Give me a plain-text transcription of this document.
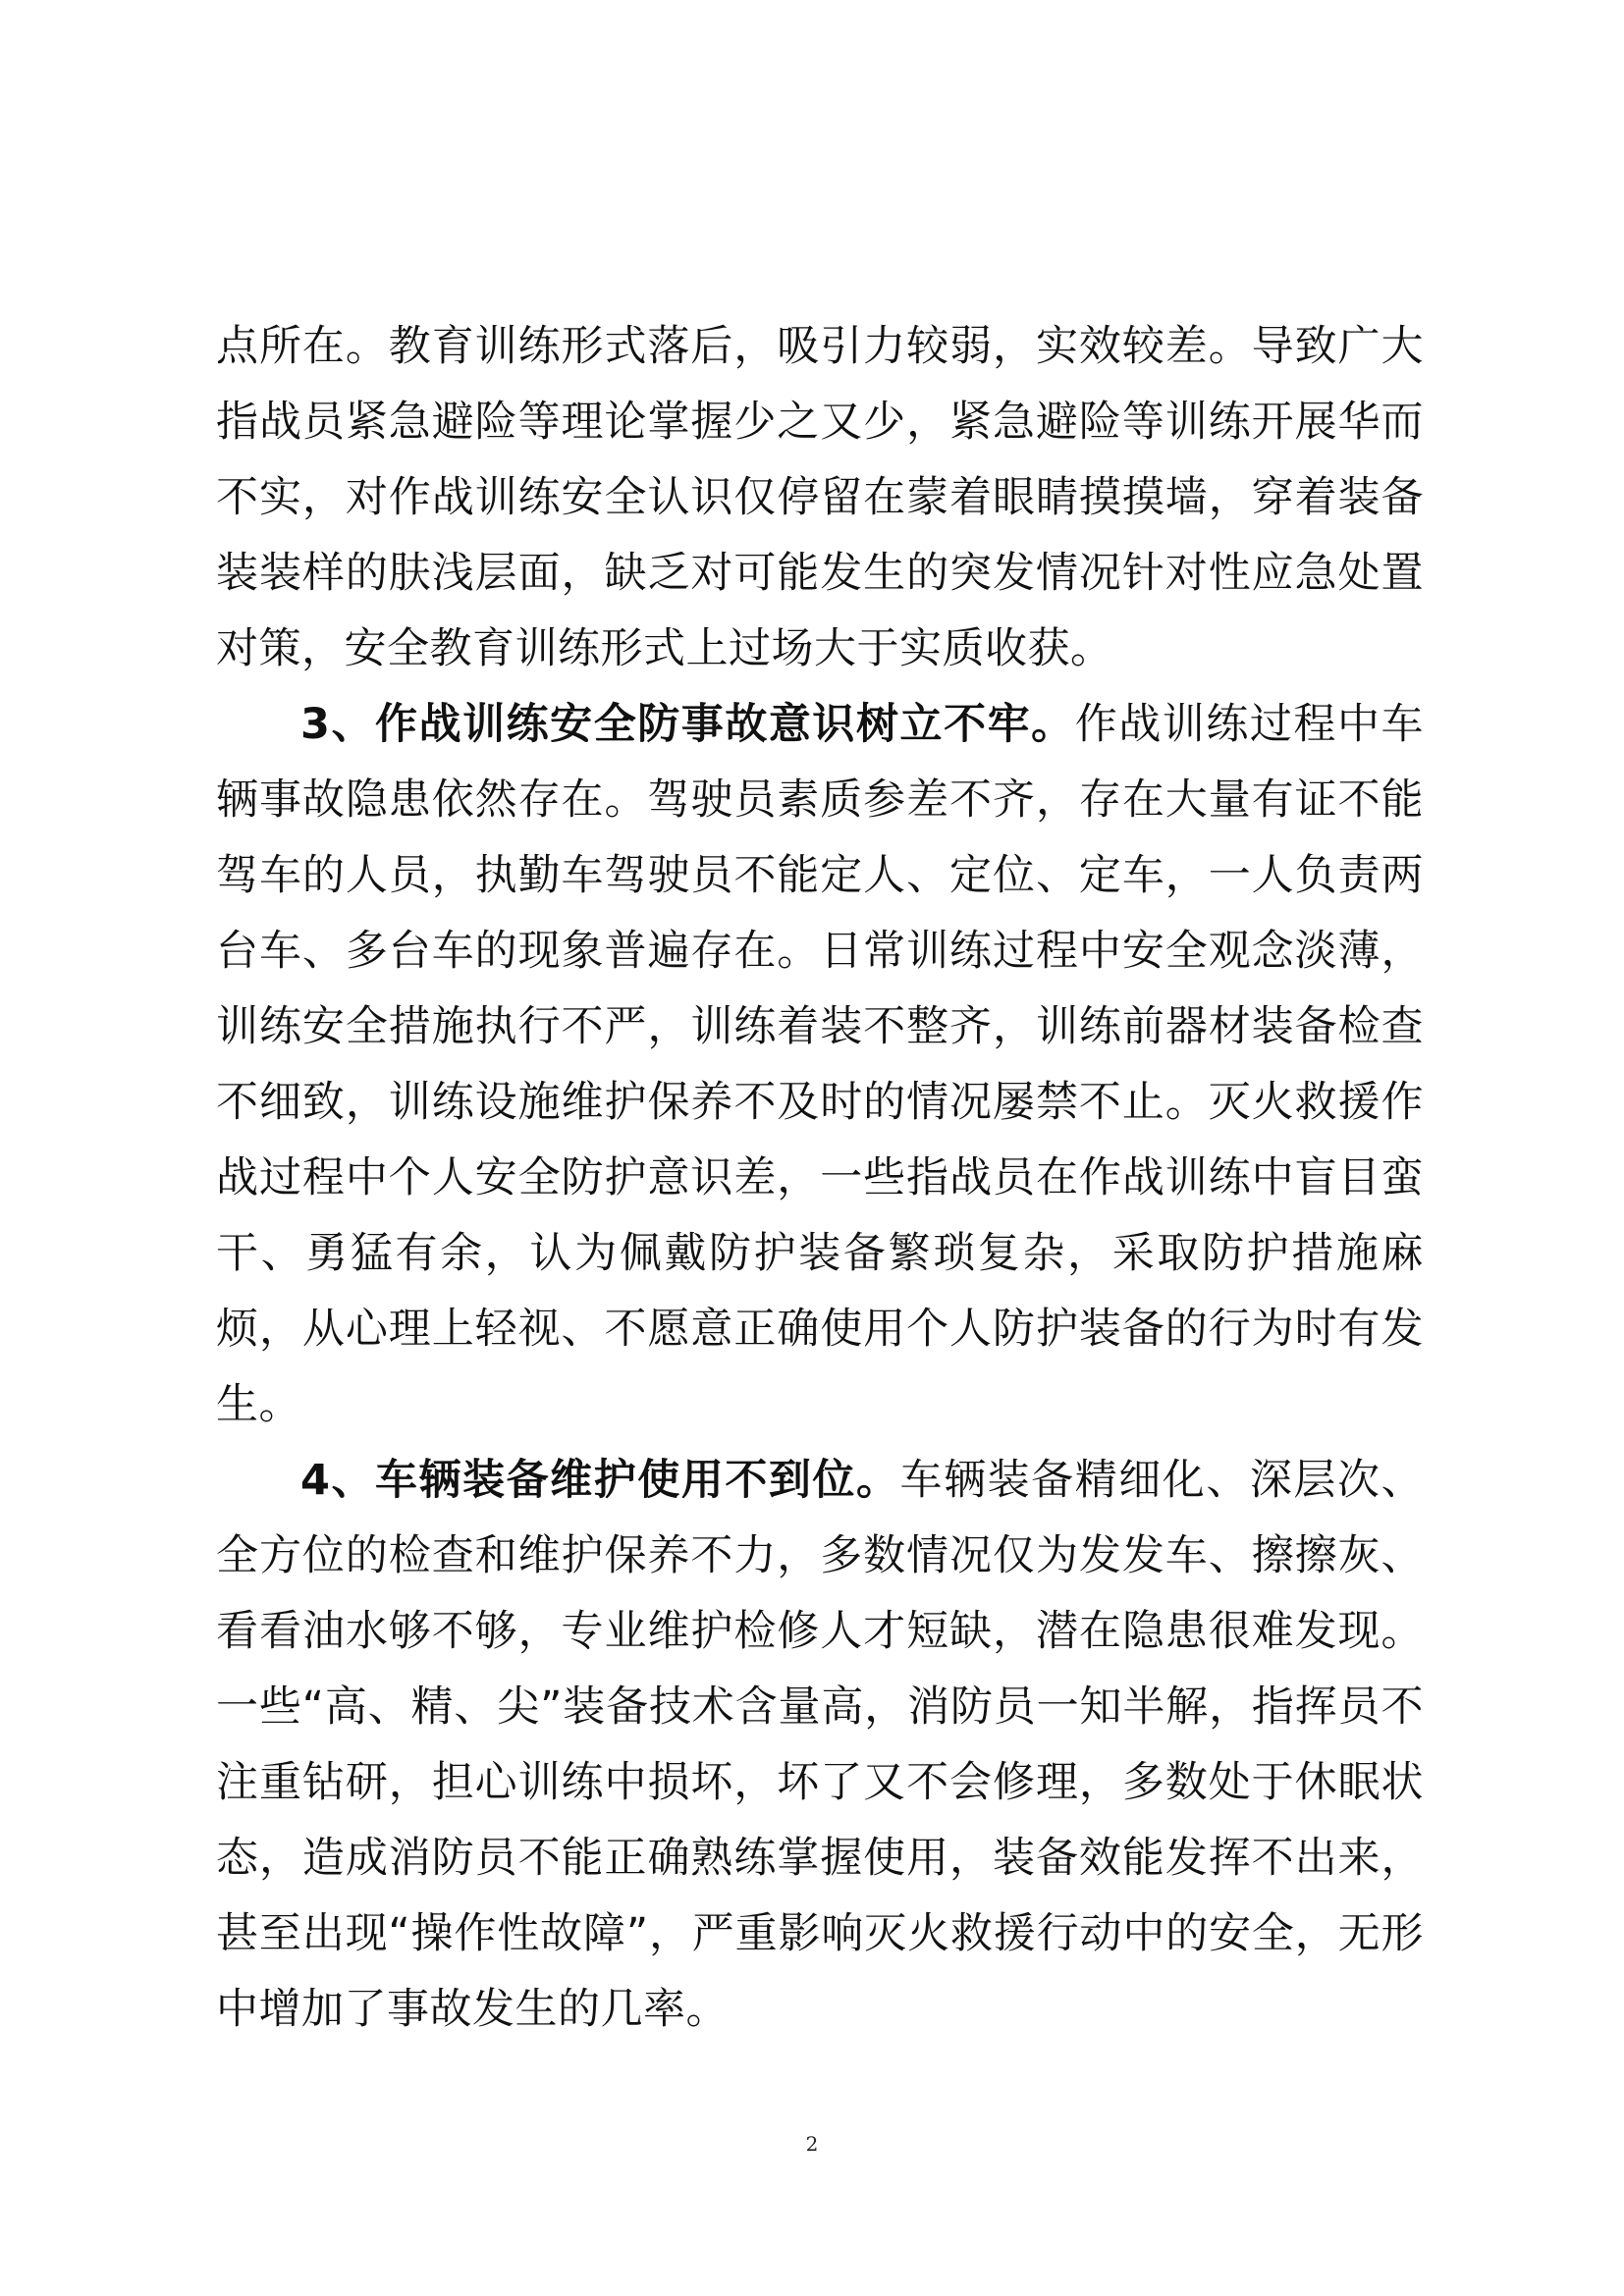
点所在。教育训练形式落后，吸引力较弱，实效较差。导致广大指战员紧急避险等理论掌握少之又少，紧急避险等训练开展华而不实，对作战训练安全认识仅停留在蒙着眼睛摸摸墙，穿着装备装装样的肤浅层面，缺乏对可能发生的突发情况针对性应急处置对策，安全教育训练形式上过场大于实质收获。

3、作战训练安全防事故意识树立不牢。作战训练过程中车辆事故隐患依然存在。驾驶员素质参差不齐，存在大量有证不能驾车的人员，执勤车驾驶员不能定人、定位、定车，一人负责两台车、多台车的现象普遍存在。日常训练过程中安全观念淡薄，训练安全措施执行不严，训练着装不整齐，训练前器材装备检查不细致，训练设施维护保养不及时的情况屡禁不止。灭火救援作战过程中个人安全防护意识差，一些指战员在作战训练中盲目蛮干、勇猛有余，认为佩戴防护装备繁琐复杂，采取防护措施麻烦，从心理上轻视、不愿意正确使用个人防护装备的行为时有发生。

4、车辆装备维护使用不到位。车辆装备精细化、深层次、全方位的检查和维护保养不力，多数情况仅为发发车、擦擦灰、看看油水够不够，专业维护检修人才短缺，潜在隐患很难发现。一些“高、精、尖”装备技术含量高，消防员一知半解，指挥员不注重钻研，担心训练中损坏，坏了又不会修理，多数处于休眠状态，造成消防员不能正确熟练掌握使用，装备效能发挥不出来，甚至出现“操作性故障”，严重影响灭火救援行动中的安全，无形中增加了事故发生的几率。

2
